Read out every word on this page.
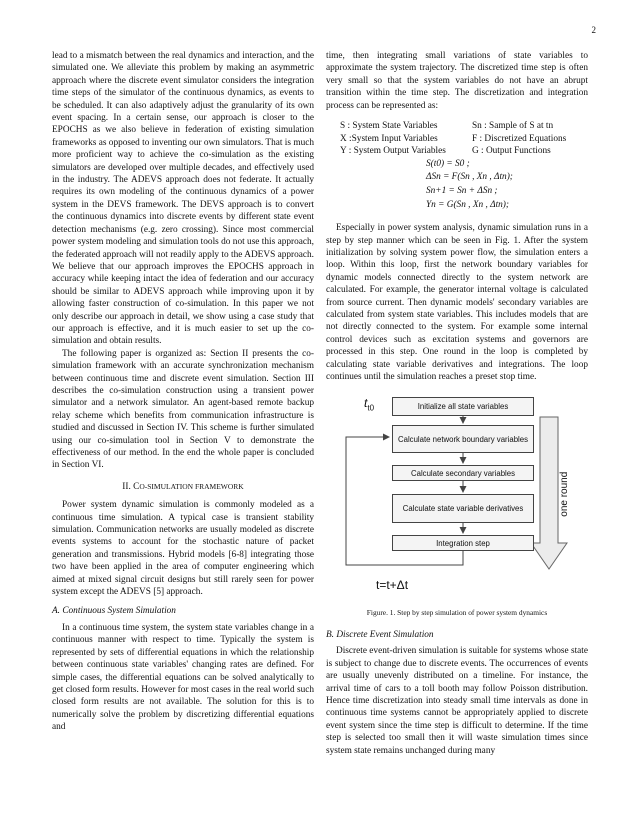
2

lead to a mismatch between the real dynamics and interaction, and the simulated one. We alleviate this problem by making an asymmetric approach where the discrete event simulator considers the integration time steps of the simulator of the continuous dynamics, as events to be scheduled. It can also adaptively adjust the granularity of its own event spacing. In a certain sense, our approach is closer to the EPOCHS as we also believe in federation of existing simulation frameworks as opposed to inventing our own simulators. That is much more proficient way to achieve the co-simulation as the existing simulators are developed over multiple decades, and effectively used in the industry. The ADEVS approach does not federate. It actually requires its own modeling of the continuous dynamics of a power system in the DEVS framework. The DEVS approach is to convert the continuous dynamics into discrete events by different state event detection mechanisms (e.g. zero crossing). Since most commercial power system modeling and simulation tools do not use this approach, the federated approach will not readily apply to the ADEVS approach. We believe that our approach improves the EPOCHS approach in accuracy while keeping intact the idea of federation and our accuracy should be similar to ADEVS approach while improving upon it by allowing faster construction of co-simulation. In this paper we not only describe our approach in detail, we show using a case study that our approach is effective, and it is much easier to set up the co-simulation and obtain results.

The following paper is organized as: Section II presents the co-simulation framework with an accurate synchronization mechanism between continuous time and discrete event simulation. Section III describes the co-simulation construction using a transient power simulator and a network simulator. An agent-based remote backup relay scheme which benefits from communication infrastructure is studied and discussed in Section IV. This scheme is further simulated using our co-simulation tool in Section V to demonstrate the effectiveness of our method. In the end the whole paper is concluded in Section VI.

II. CO-SIMULATION FRAMEWORK

Power system dynamic simulation is commonly modeled as a continuous time simulation. A typical case is transient stability simulation. Communication networks are usually modeled as discrete events systems to account for the stochastic nature of packet generation and transmissions. Hybrid models [6-8] integrating those two have been applied in the area of computer engineering which aimed at mixed signal circuit designs but still rarely seen for power system except the ADEVS [5] approach.

A. Continuous System Simulation

In a continuous time system, the system state variables change in a continuous manner with respect to time. Typically the system is represented by sets of differential equations in which the relationship between continuous state variables' changing rates are defined. For simple cases, the differential equations can be solved analytically to get closed form results. However for most cases in the real world such closed form results are not available. The solution for this is to numerically solve the problem by discretizing differential equations and

time, then integrating small variations of state variables to approximate the system trajectory. The discretized time step is often very small so that the system variables do not have an abrupt transition within the time step. The discretization and integration process can be represented as:

S : System State Variables	Sn : Sample of S at tn
X :System Input Variables	F : Discretized Equations
Y : System Output Variables	G : Output Functions
S(t0) = S0 ;
ΔSn = F(Sn , Xn , Δtn);
Sn+1 = Sn + ΔSn ;
Yn = G(Sn , Xn , Δtn);

Especially in power system analysis, dynamic simulation runs in a step by step manner which can be seen in Fig. 1. After the system initialization by solving system power flow, the simulation enters a loop. Within this loop, first the network boundary variables for dynamic models connected directly to the system network are calculated. For example, the generator internal voltage is calculated from source current. Then dynamic models' secondary variables are calculated from system state variables. This includes models that are not directly connected to the system. For example some internal control devices such as excitation systems and governors are processed in this step. One round in the loop is completed by calculating state variable derivatives and integrations. The loop continues until the simulation reaches a preset stop time.

$t_{t0}$	Initialize all state variables
Calculate network boundary variables
Calculate secondary variables
Calculate state variable derivatives
Integration step
t=t+Δt
one round
Figure. 1. Step by step simulation of power system dynamics
B. Discrete Event Simulation

Discrete event-driven simulation is suitable for systems whose state is subject to change due to discrete events. The occurrences of events are usually unevenly distributed on a timeline. For instance, the arrival time of cars to a toll booth may follow Poisson distribution. Hence time discretization into steady small time intervals as done in continuous time systems cannot be appropriately applied to discrete event system since the time step is difficult to determine. If the time step is selected too small then it will waste simulation times since system state remains unchanged during many
